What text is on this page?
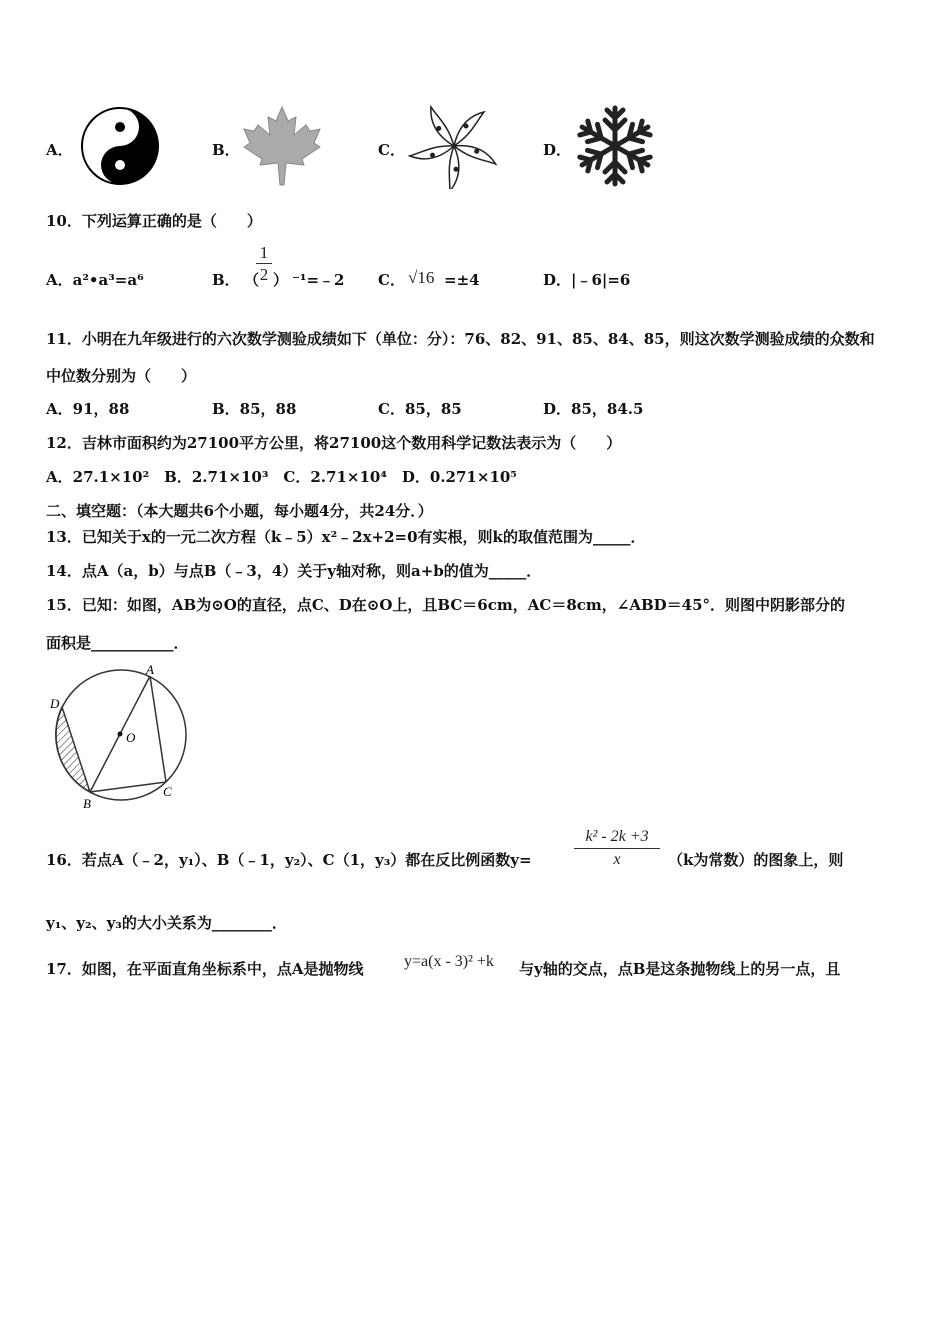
A．	B．	C．	D．
10．下列运算正确的是（　　）
A．a²•a³=a⁶	B． （
$\frac{1}{2}$ ） ⁻¹=﹣2 C． √16 =±4	D．|﹣6|=6
11．小明在九年级进行的六次数学测验成绩如下（单位：分）：76、82、91、85、84、85，则这次数学测验成绩的众数和
中位数分别为（　　）
A．91，88	B．85，88	C．85，85	D．85，84.5
12．吉林市面积约为27100平方公里，将27100这个数用科学记数法表示为（　　）
A．27.1×10²　B．2.71×10³　C．2.71×10⁴　D．0.271×10⁵
二、填空题：（本大题共6个小题，每小题4分，共24分．）
13．已知关于x的一元二次方程（k﹣5）x²﹣2x+2=0有实根，则k的取值范围为_____．
14．点A（a，b）与点B（﹣3，4）关于y轴对称，则a+b的值为_____．
15．已知：如图，AB为⊙O的直径，点C、D在⊙O上，且BC＝6cm，AC＝8cm，∠ABD＝45°．则图中阴影部分的
面积是___________．
A
B
C
D
O
16．若点A（﹣2，y₁）、B（﹣1，y₂）、C（1，y₃）都在反比例函数y=	$\frac{\text{k² - 2k +3}}{x} (k$为常数）的图象上，则
y₁、y₂、y₃的大小关系为________．
17．如图，在平面直角坐标系中，点A是抛物线	y=a(x - 3)² +k 与y轴的交点，点B是这条抛物线上的另一点，且
